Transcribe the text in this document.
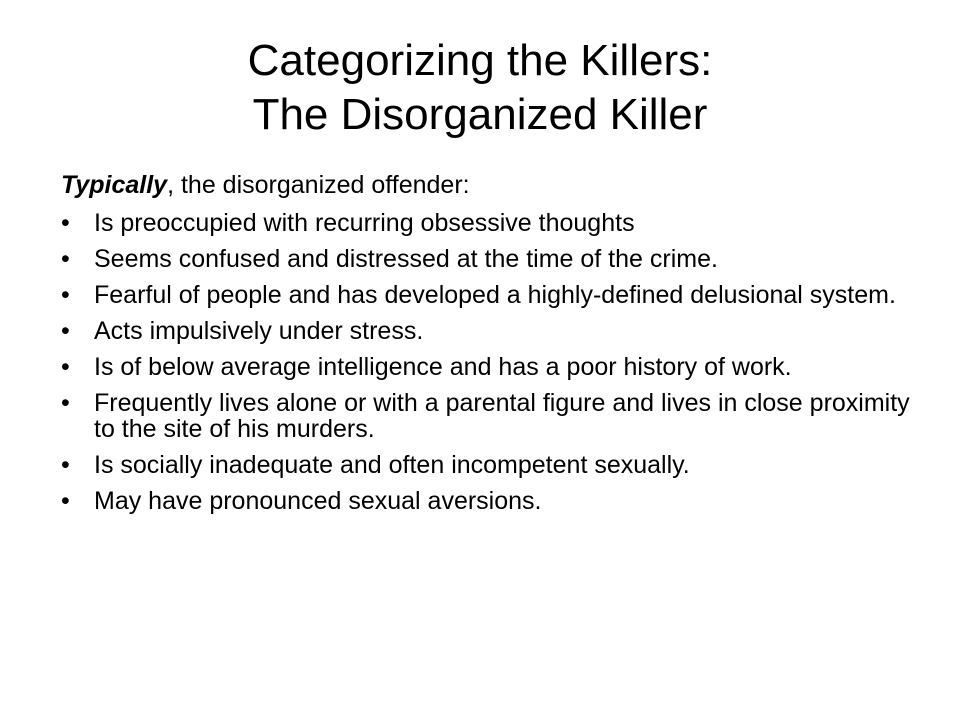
Categorizing the Killers:
The Disorganized Killer

Typically, the disorganized offender:

• Is preoccupied with recurring obsessive thoughts
• Seems confused and distressed at the time of the crime.
• Fearful of people and has developed a highly-defined delusional system.
• Acts impulsively under stress.
• Is of below average intelligence and has a poor history of work.
• Frequently lives alone or with a parental figure and lives in close proximity to the site of his murders.
• Is socially inadequate and often incompetent sexually.
• May have pronounced sexual aversions.
